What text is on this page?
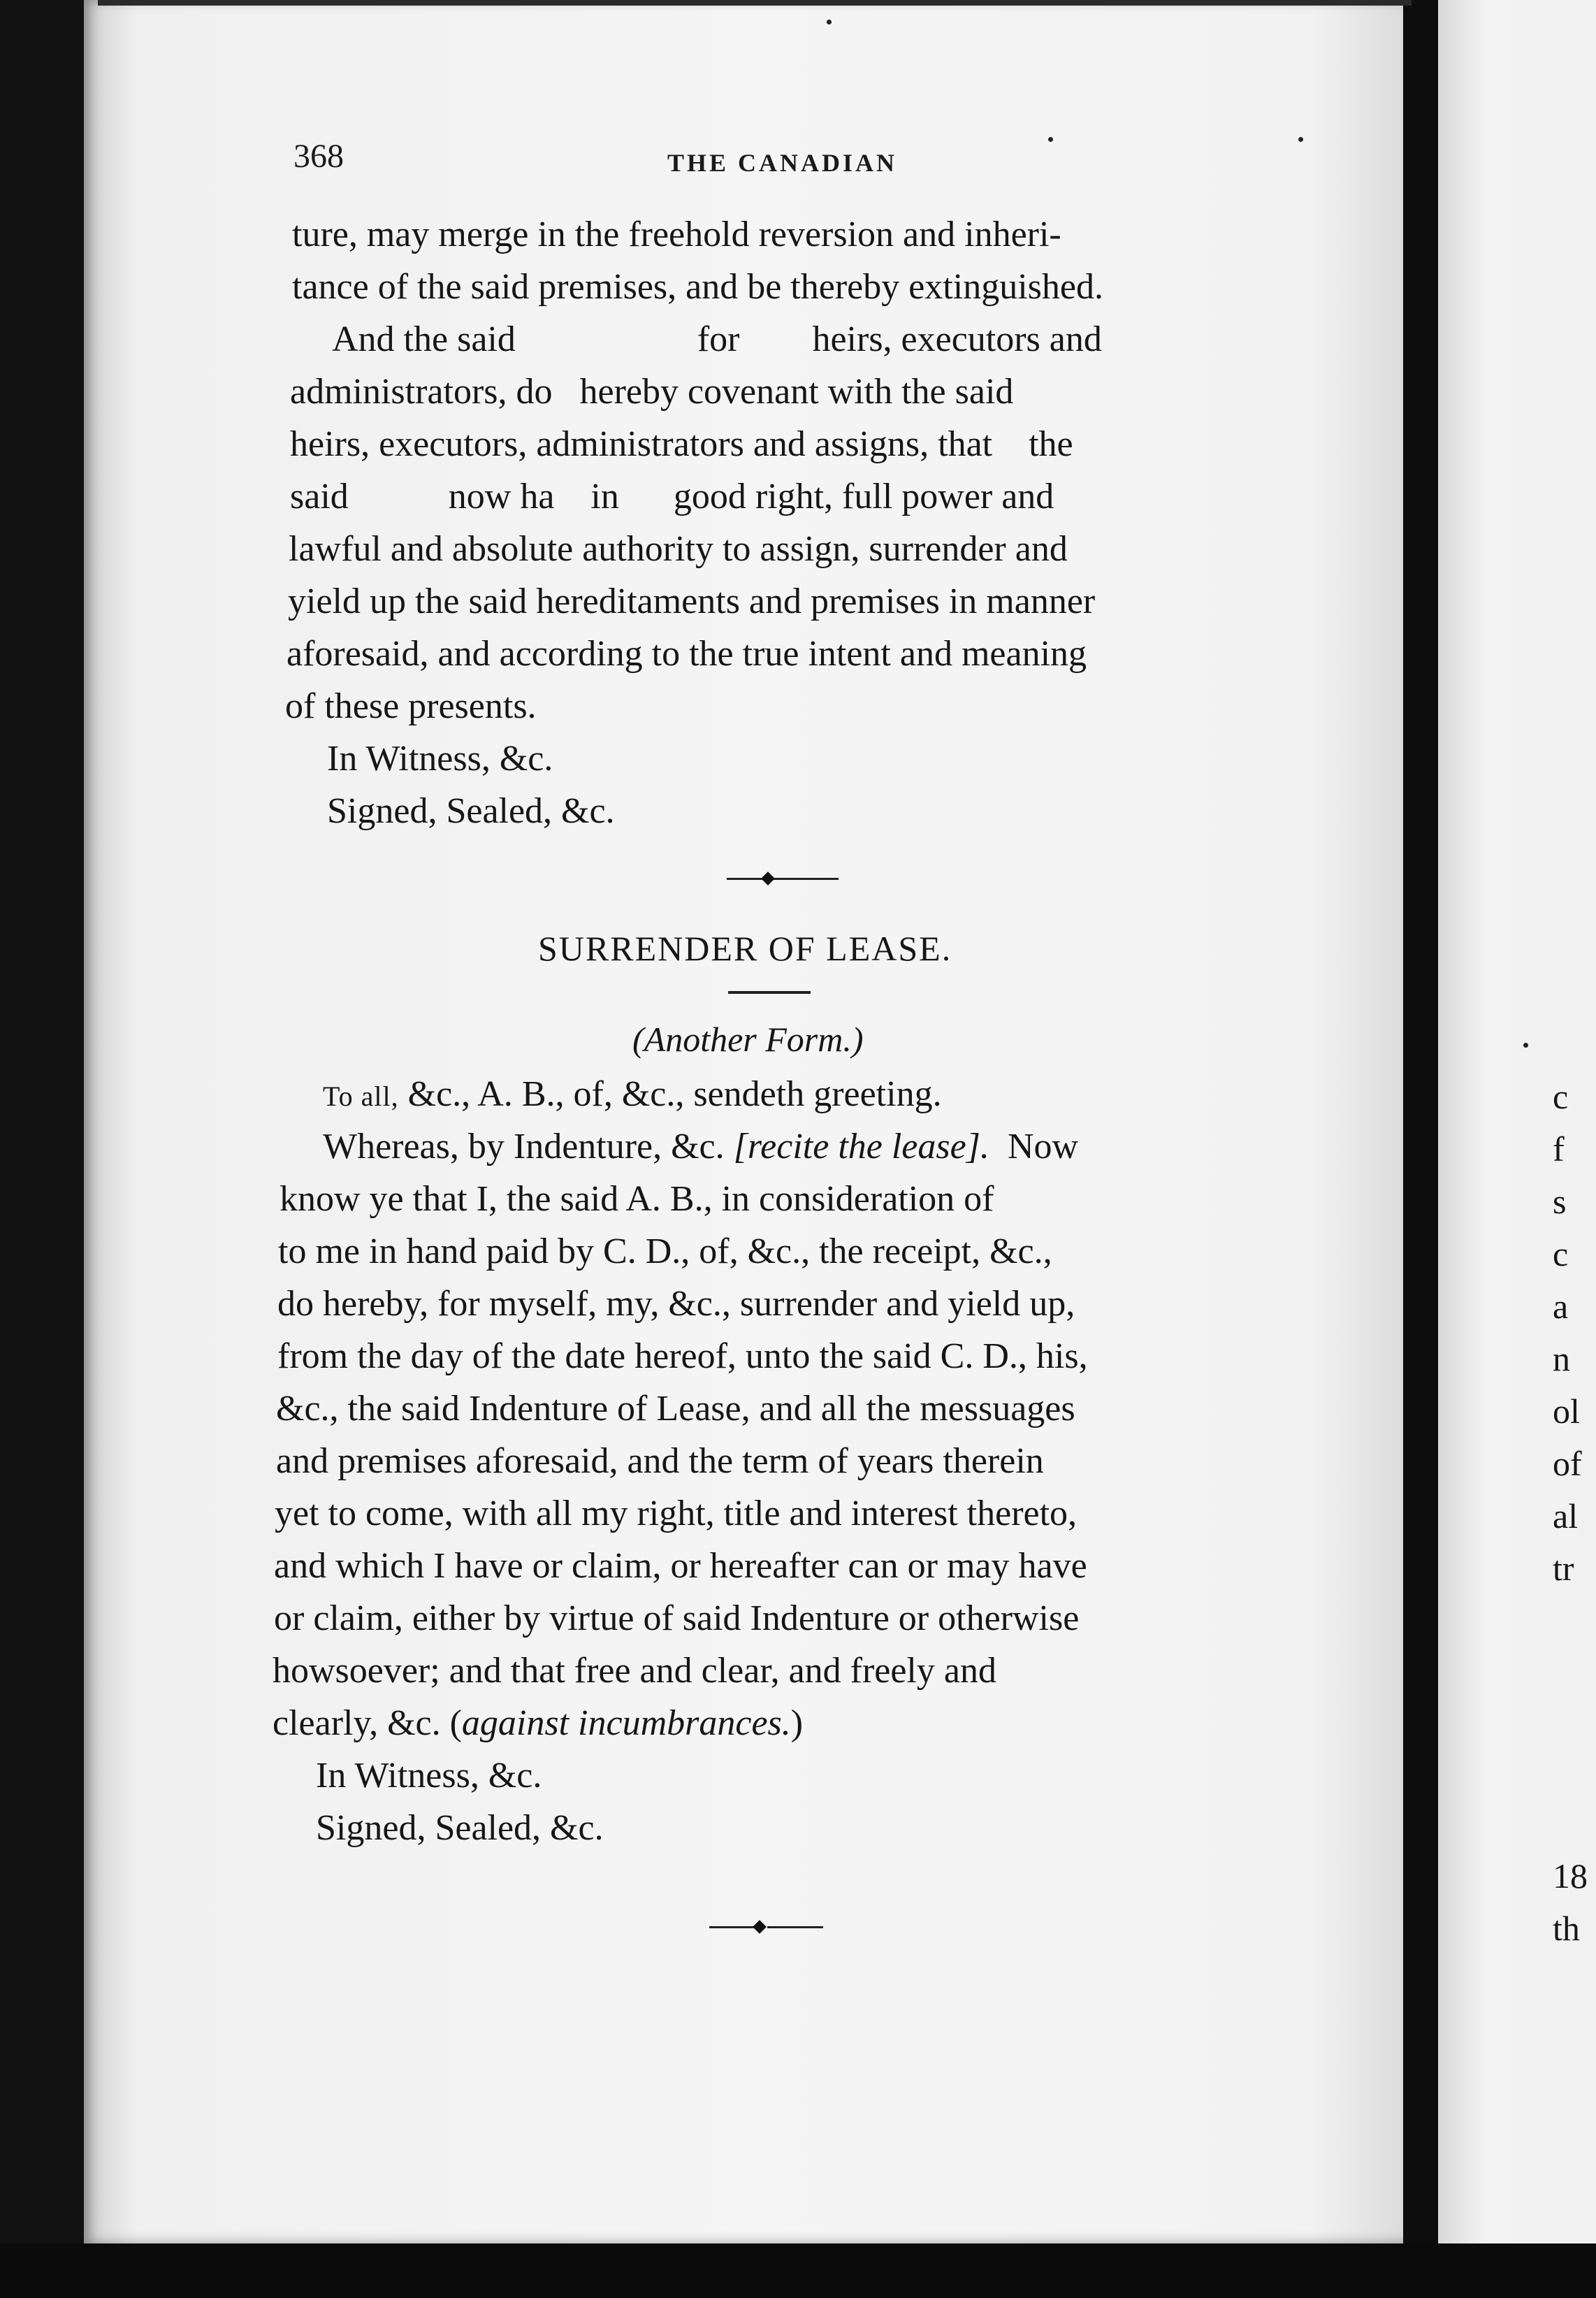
368	THE CANADIAN
ture, may merge in the freehold reversion and inheri-
tance of the said premises, and be thereby extinguished.
And the said                    for        heirs, executors and
administrators, do   hereby covenant with the said
heirs, executors, administrators and assigns, that    the
said           now ha    in      good right, full power and
lawful and absolute authority to assign, surrender and
yield up the said hereditaments and premises in manner
aforesaid, and according to the true intent and meaning
of these presents.
In Witness, &c.
Signed, Sealed, &c.
SURRENDER OF LEASE.
(Another Form.)
To all, &c., A. B., of, &c., sendeth greeting.
Whereas, by Indenture, &c. [recite the lease].  Now
know ye that I, the said A. B., in consideration of
to me in hand paid by C. D., of, &c., the receipt, &c.,
do hereby, for myself, my, &c., surrender and yield up,
from the day of the date hereof, unto the said C. D., his,
&c., the said Indenture of Lease, and all the messuages
and premises aforesaid, and the term of years therein
yet to come, with all my right, title and interest thereto,
and which I have or claim, or hereafter can or may have
or claim, either by virtue of said Indenture or otherwise
howsoever; and that free and clear, and freely and
clearly, &c. (against incumbrances.)
In Witness, &c.
Signed, Sealed, &c.
c
f
s
c
a
n
ol
of
al
tr
18
th
